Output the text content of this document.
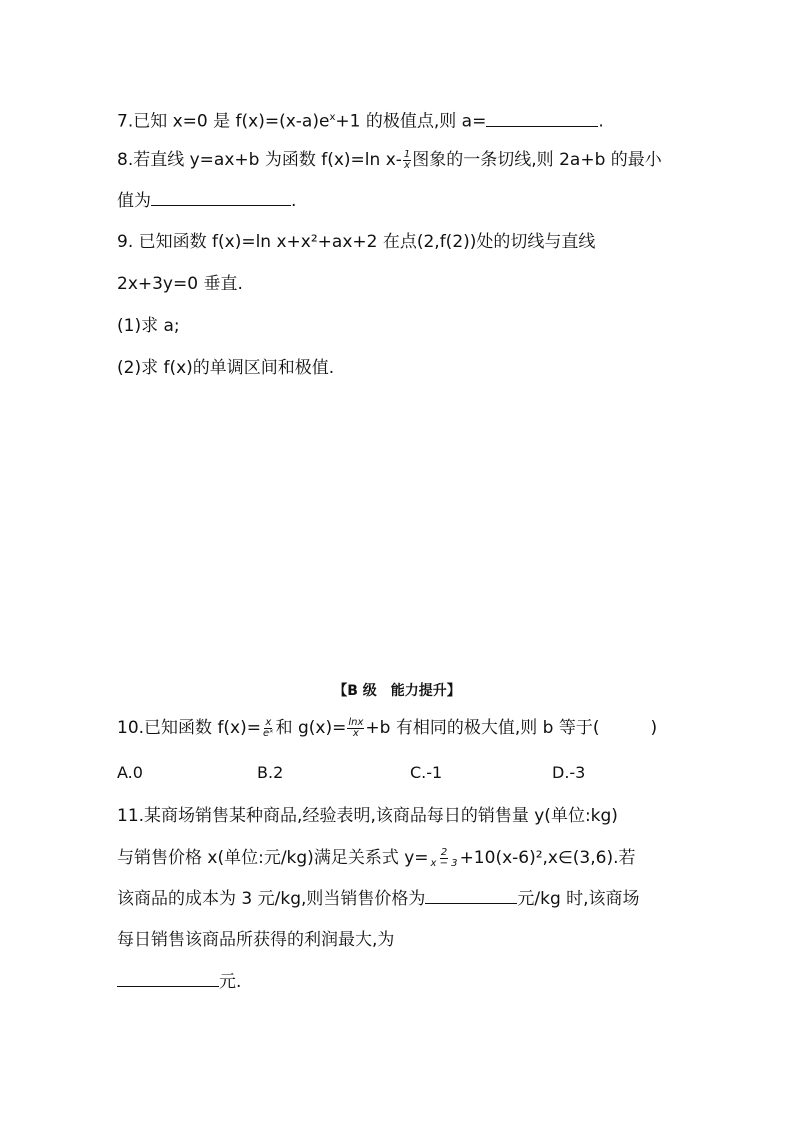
7.已知 x=0 是 $f(x)=(x-a)e^x+1$ 的极值点,则 a=	.
8.若直线 y=ax+b 为函数 f(x)=ln $x- \frac{1}{x}$ 图象的一条切线,则 2a+b 的最小
值为	.
9. 已知函数 f(x)=ln x+x²+ax+2 在点(2,f(2))处的切线与直线
2x+3y=0 垂直.
(1)求 a;
(2)求 f(x)的单调区间和极值.
【B 级　能力提升】
10.已知函数 $f(x)= \frac{x}{\text{eˣ}}$ 和 $g(x)= \frac{\ln x}{x} +b$ 有相同的极大值,则 b 等于(　　　)
A.0	B.2	C.-1	D.-3
11.某商场销售某种商品,经验表明,该商品每日的销售量 y(单位:kg)
与销售价格 x(单位:元/kg)满足关系式 $y= \frac{2}{x - 3}$ +10(x-6)²,x∈(3,6).若
该商品的成本为 3 元/kg,则当销售价格为	元/kg 时,该商场
每日销售该商品所获得的利润最大,为
元.
